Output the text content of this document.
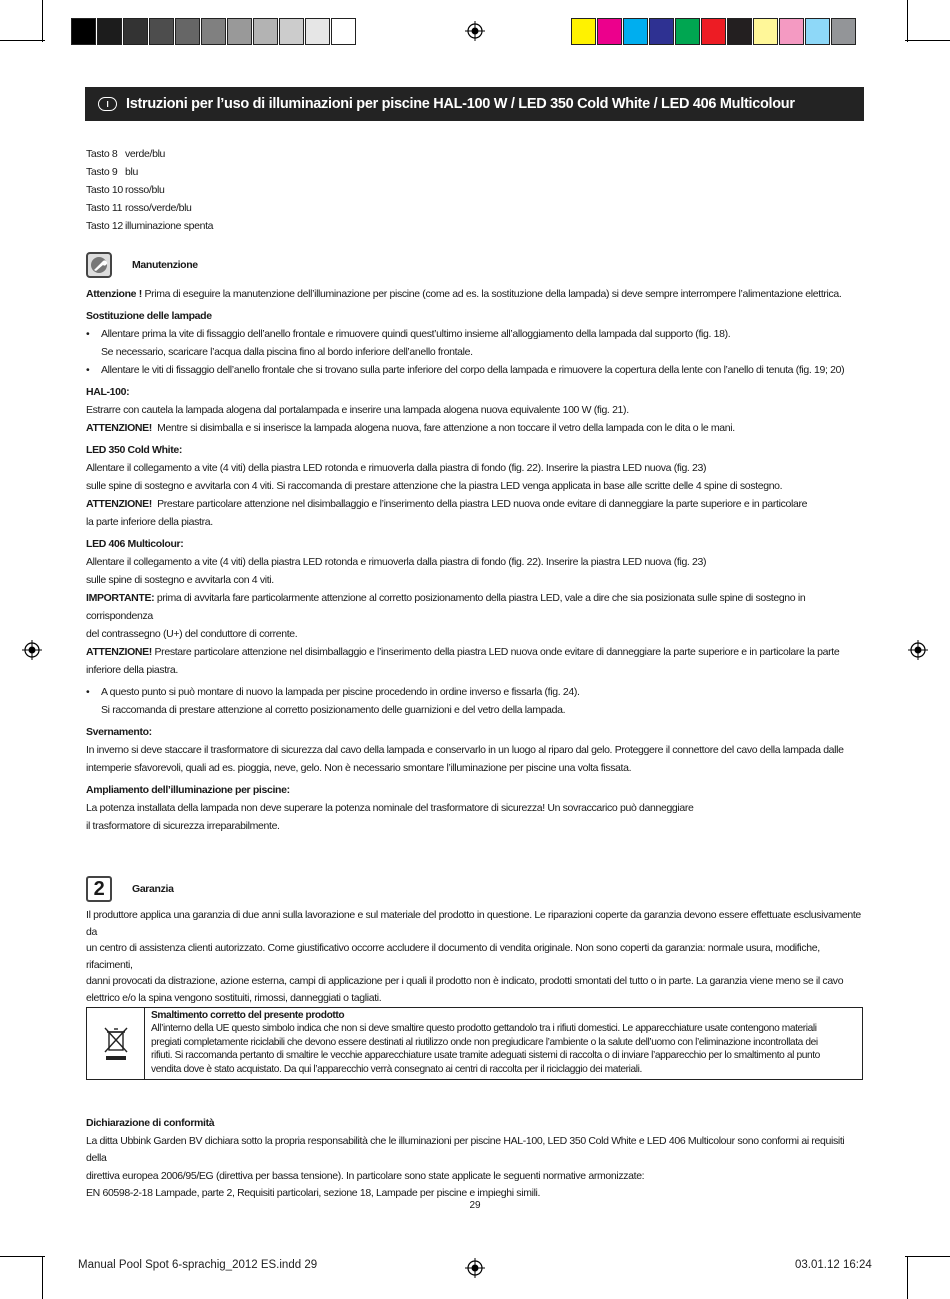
I	Istruzioni per l’uso di illuminazioni per piscine HAL-100 W / LED 350 Cold White / LED 406 Multicolour
Tasto 8 verde/blu
Tasto 9 blu
Tasto 10 rosso/blu
Tasto 11 rosso/verde/blu
Tasto 12 illuminazione spenta
Manutenzione
Attenzione ! Prima di eseguire la manutenzione dell’illuminazione per piscine (come ad es. la sostituzione della lampada) si deve sempre interrompere l’alimentazione elettrica.
Sostituzione delle lampade
•	Allentare prima la vite di fissaggio dell’anello frontale e rimuovere quindi quest’ultimo insieme all’alloggiamento della lampada dal supporto (fig. 18).
Se necessario, scaricare l’acqua dalla piscina fino al bordo inferiore dell’anello frontale.
•	Allentare le viti di fissaggio dell’anello frontale che si trovano sulla parte inferiore del corpo della lampada e rimuovere la copertura della lente con l’anello di tenuta (fig. 19; 20)
HAL-100:
Estrarre con cautela la lampada alogena dal portalampada e inserire una lampada alogena nuova equivalente 100 W (fig. 21).
ATTENZIONE! Mentre si disimballa e si inserisce la lampada alogena nuova, fare attenzione a non toccare il vetro della lampada con le dita o le mani.
LED 350 Cold White:
Allentare il collegamento a vite (4 viti) della piastra LED rotonda e rimuoverla dalla piastra di fondo (fig. 22). Inserire la piastra LED nuova (fig. 23)
sulle spine di sostegno e avvitarla con 4 viti. Si raccomanda di prestare attenzione che la piastra LED venga applicata in base alle scritte delle 4 spine di sostegno.
ATTENZIONE! Prestare particolare attenzione nel disimballaggio e l’inserimento della piastra LED nuova onde evitare di danneggiare la parte superiore e in particolare
la parte inferiore della piastra.
LED 406 Multicolour:
Allentare il collegamento a vite (4 viti) della piastra LED rotonda e rimuoverla dalla piastra di fondo (fig. 22). Inserire la piastra LED nuova (fig. 23)
sulle spine di sostegno e avvitarla con 4 viti.
IMPORTANTE: prima di avvitarla fare particolarmente attenzione al corretto posizionamento della piastra LED, vale a dire che sia posizionata sulle spine di sostegno in corrispondenza
del contrassegno (U+) del conduttore di corrente.
ATTENZIONE! Prestare particolare attenzione nel disimballaggio e l’inserimento della piastra LED nuova onde evitare di danneggiare la parte superiore e in particolare la parte
inferiore della piastra.
•	A questo punto si può montare di nuovo la lampada per piscine procedendo in ordine inverso e fissarla (fig. 24).
Si raccomanda di prestare attenzione al corretto posizionamento delle guarnizioni e del vetro della lampada.
Svernamento:
In inverno si deve staccare il trasformatore di sicurezza dal cavo della lampada e conservarlo in un luogo al riparo dal gelo. Proteggere il connettore del cavo della lampada dalle
intemperie sfavorevoli, quali ad es. pioggia, neve, gelo. Non è necessario smontare l’illuminazione per piscine una volta fissata.
Ampliamento dell’illuminazione per piscine:
La potenza installata della lampada non deve superare la potenza nominale del trasformatore di sicurezza! Un sovraccarico può danneggiare
il trasformatore di sicurezza irreparabilmente.
2	Garanzia
Il produttore applica una garanzia di due anni sulla lavorazione e sul materiale del prodotto in questione. Le riparazioni coperte da garanzia devono essere effettuate esclusivamente da
un centro di assistenza clienti autorizzato. Come giustificativo occorre accludere il documento di vendita originale. Non sono coperti da garanzia: normale usura, modifiche, rifacimenti,
danni provocati da distrazione, azione esterna, campi di applicazione per i quali il prodotto non è indicato, prodotti smontati del tutto o in parte. La garanzia viene meno se il cavo
elettrico e/o la spina vengono sostituiti, rimossi, danneggiati o tagliati.
Smaltimento corretto del presente prodotto
All’interno della UE questo simbolo indica che non si deve smaltire questo prodotto gettandolo tra i rifiuti domestici. Le apparecchiature usate contengono materiali
pregiati completamente riciclabili che devono essere destinati al riutilizzo onde non pregiudicare l’ambiente o la salute dell’uomo con l’eliminazione incontrollata dei
rifiuti. Si raccomanda pertanto di smaltire le vecchie apparecchiature usate tramite adeguati sistemi di raccolta o di inviare l’apparecchio per lo smaltimento al punto
vendita dove è stato acquistato. Da qui l’apparecchio verrà consegnato ai centri di raccolta per il riciclaggio dei materiali.
Dichiarazione di conformità
La ditta Ubbink Garden BV dichiara sotto la propria responsabilità che le illuminazioni per piscine HAL-100, LED 350 Cold White e LED 406 Multicolour sono conformi ai requisiti della
direttiva europea 2006/95/EG (direttiva per bassa tensione). In particolare sono state applicate le seguenti normative armonizzate:
EN 60598-2-18 Lampade, parte 2, Requisiti particolari, sezione 18, Lampade per piscine e impieghi simili.
29
Manual Pool Spot 6-sprachig_2012 ES.indd 29	03.01.12 16:24
